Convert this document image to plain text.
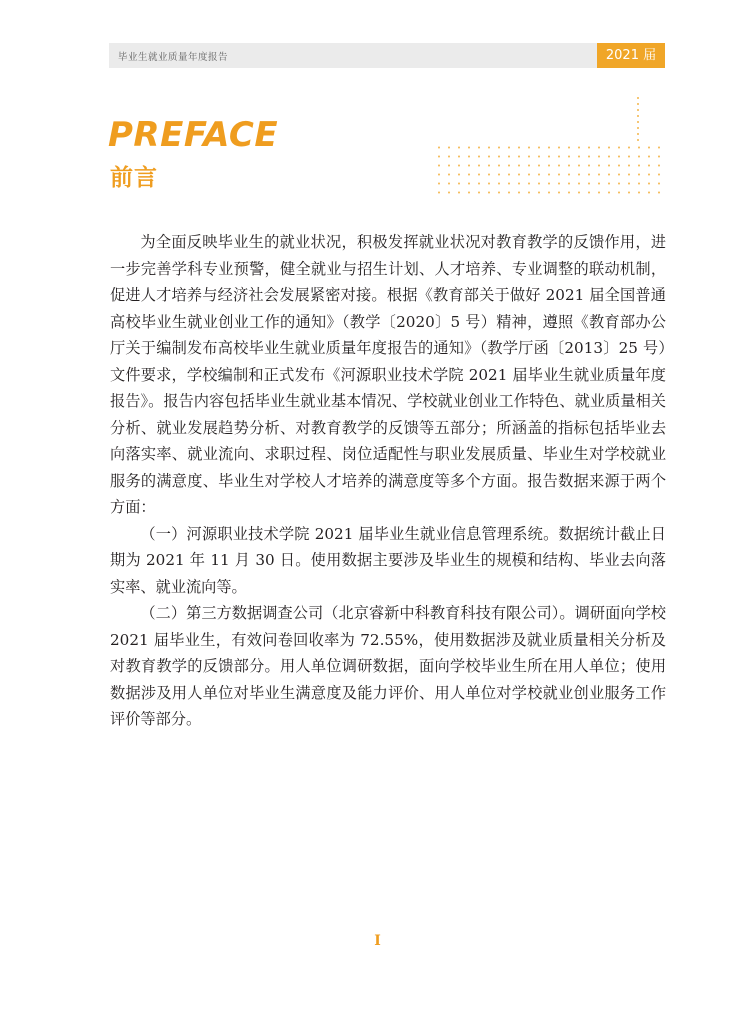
毕业生就业质量年度报告	2021 届
PREFACE
前言

为全面反映毕业生的就业状况，积极发挥就业状况对教育教学的反馈作用，进一步完善学科专业预警，健全就业与招生计划、人才培养、专业调整的联动机制，促进人才培养与经济社会发展紧密对接。根据《教育部关于做好 2021 届全国普通高校毕业生就业创业工作的通知》（教学〔2020〕5 号）精神，遵照《教育部办公厅关于编制发布高校毕业生就业质量年度报告的通知》（教学厅函〔2013〕25 号）文件要求，学校编制和正式发布《河源职业技术学院 2021 届毕业生就业质量年度报告》。报告内容包括毕业生就业基本情况、学校就业创业工作特色、就业质量相关分析、就业发展趋势分析、对教育教学的反馈等五部分；所涵盖的指标包括毕业去向落实率、就业流向、求职过程、岗位适配性与职业发展质量、毕业生对学校就业服务的满意度、毕业生对学校人才培养的满意度等多个方面。报告数据来源于两个方面：

（一）河源职业技术学院 2021 届毕业生就业信息管理系统。数据统计截止日期为 2021 年 11 月 30 日。使用数据主要涉及毕业生的规模和结构、毕业去向落实率、就业流向等。

（二）第三方数据调查公司（北京睿新中科教育科技有限公司）。调研面向学校 2021 届毕业生，有效问卷回收率为 72.55%，使用数据涉及就业质量相关分析及对教育教学的反馈部分。用人单位调研数据，面向学校毕业生所在用人单位；使用数据涉及用人单位对毕业生满意度及能力评价、用人单位对学校就业创业服务工作评价等部分。

I
